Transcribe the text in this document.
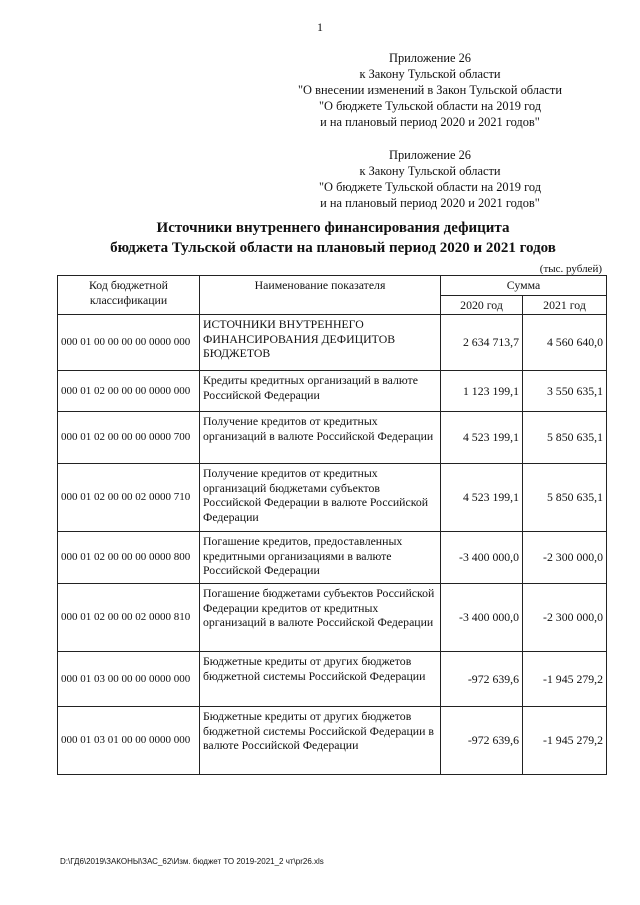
1
Приложение 26
к Закону Тульской области
"О внесении изменений в Закон Тульской области
"О бюджете Тульской области на 2019 год
и на плановый период 2020 и 2021 годов"
Приложение 26
к Закону Тульской области
"О бюджете Тульской области на 2019 год
и на плановый период 2020 и 2021 годов"
Источники внутреннего финансирования дефицита
бюджета Тульской области на плановый период 2020 и 2021 годов
(тыс. рублей)
Код бюджетной классификации	Наименование показателя	Сумма	
		2020 год	2021 год
000 01 00 00 00 00 0000 000	ИСТОЧНИКИ ВНУТРЕННЕГО ФИНАНСИРОВАНИЯ ДЕФИЦИТОВ БЮДЖЕТОВ	2 634 713,7	4 560 640,0
000 01 02 00 00 00 0000 000	Кредиты кредитных организаций в валюте Российской Федерации	1 123 199,1	3 550 635,1
000 01 02 00 00 00 0000 700	Получение кредитов от кредитных организаций в валюте Российской Федерации	4 523 199,1	5 850 635,1
000 01 02 00 00 02 0000 710	Получение кредитов от кредитных организаций бюджетами субъектов Российской Федерации в валюте Российской Федерации	4 523 199,1	5 850 635,1
000 01 02 00 00 00 0000 800	Погашение кредитов, предоставленных кредитными организациями в валюте Российской Федерации	-3 400 000,0	-2 300 000,0
000 01 02 00 00 02 0000 810	Погашение бюджетами субъектов Российской Федерации кредитов от кредитных организаций в валюте Российской Федерации	-3 400 000,0	-2 300 000,0
000 01 03 00 00 00 0000 000	Бюджетные кредиты от других бюджетов бюджетной системы Российской Федерации	-972 639,6	-1 945 279,2
000 01 03 01 00 00 0000 000	Бюджетные кредиты от других бюджетов бюджетной системы Российской Федерации в валюте Российской Федерации	-972 639,6	-1 945 279,2
D:\ГД6\2019\ЗАКОНЫ\ЗАС_62\Изм. бюджет ТО 2019-2021_2 чт\pr26.xls
